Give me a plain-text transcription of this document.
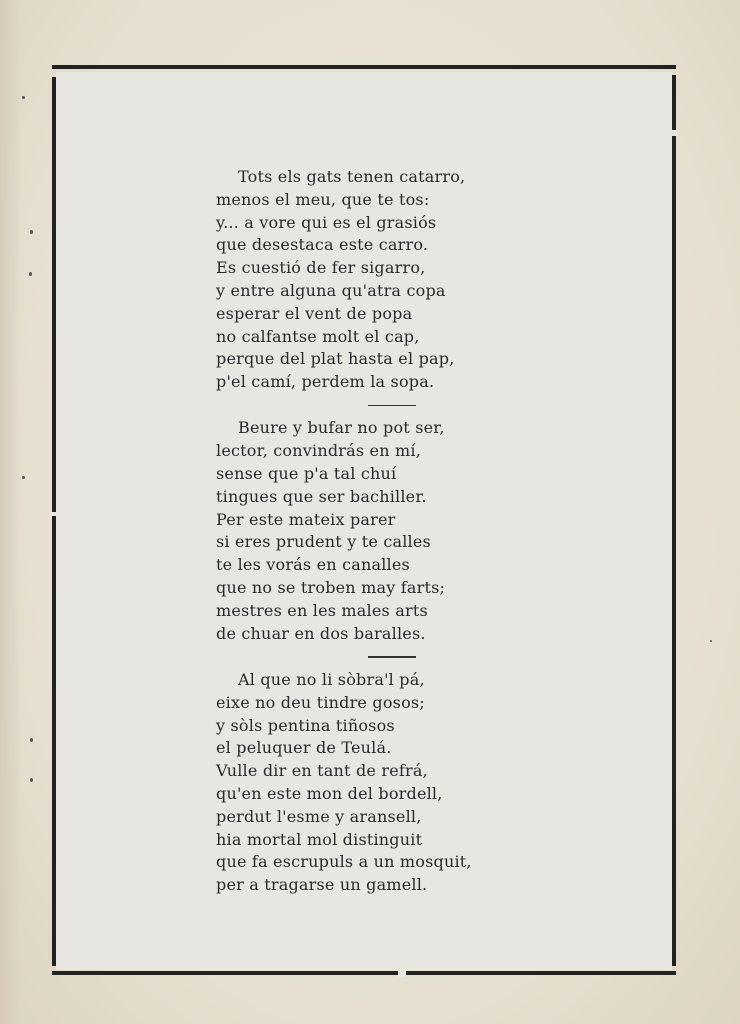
Tots els gats tenen catarro,
menos el meu, que te tos:
y... a vore qui es el grasiós
que desestaca este carro.
Es cuestió de fer sigarro,
y entre alguna qu'atra copa
esperar el vent de popa
no calfantse molt el cap,
perque del plat hasta el pap,
p'el camí, perdem la sopa.
Beure y bufar no pot ser,
lector, convindrás en mí,
sense que p'a tal chuí
tingues que ser bachiller.
Per este mateix parer
si eres prudent y te calles
te les vorás en canalles
que no se troben may farts;
mestres en les males arts
de chuar en dos baralles.
Al que no li sòbra'l pá,
eixe no deu tindre gosos;
y sòls pentina tiñosos
el peluquer de Teulá.
Vulle dir en tant de refrá,
qu'en este mon del bordell,
perdut l'esme y aransell,
hia mortal mol distinguit
que fa escrupuls a un mosquit,
per a tragarse un gamell.
